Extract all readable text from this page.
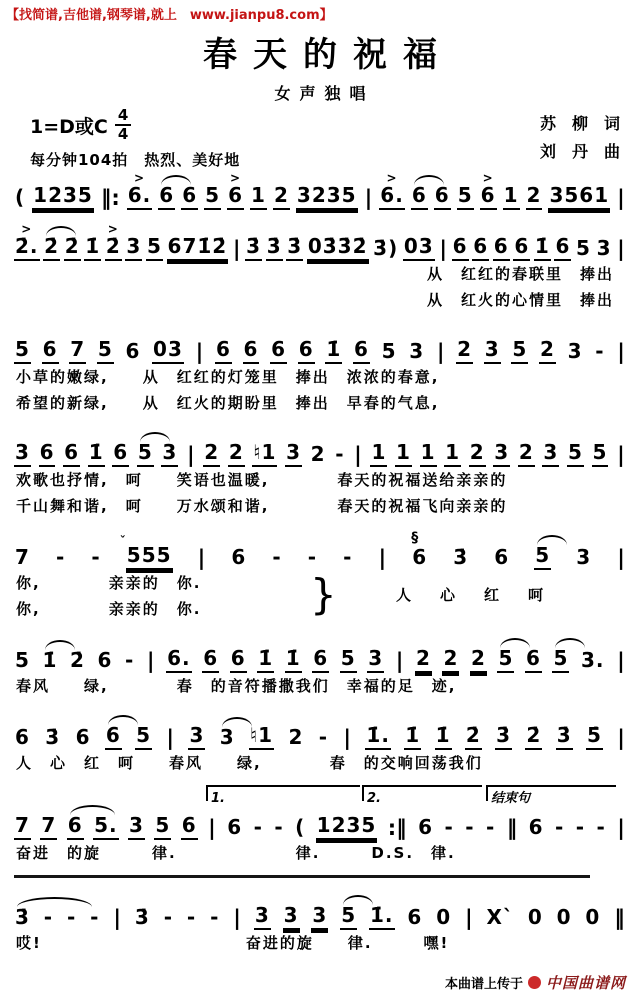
【找简谱,吉他谱,钢琴谱,就上　www.jianpu8.com】
春天的祝福
女声独唱
1=D或C $\frac{4}{4}$
每分钟104拍　热烈、美好地
苏　柳　词
刘　丹　曲
( 1235 ‖: 6.
>
6 6 5 6
>
1 2 3235 | 6.
>
6 6 5 6
>
1 2 3561 |
2̇.
>
2̇ 2̇ 1̇ 2̇
>
3 5 671̇2̇ | 3̇ 3̇ 3̇ 03̇3̇2̇ 3̇) 03 | 6 6 6 6 1̇ 6 5 3 |
从　红红的春联里　捧出
从　红火的心情里　捧出
5 6 7 5 6 03 | 6 6 6 6 1̇ 6 5 3 | 2 3 5 2 3 - |
小草的嫩绿,　　从　红红的灯笼里　捧出　浓浓的春意,
希望的新绿,　　从　红火的期盼里　捧出　早春的气息,
3 6 6 1̇ 6 5 3 | 2 2 ♮1 3 2 - | 1 1 1 1 2 3 2 3 5 5 |
欢歌也抒情,　呵　　笑语也温暖,　　　　春天的祝福送给亲亲的
千山舞和谐,　呵　　万水颂和谐,　　　　春天的祝福飞向亲亲的
7 - - 555
ˇ
| 6 - - - | 6
§
3̇ 6 5 3 |
}
你,　　　　亲亲的　你.
你,　　　　亲亲的　你.
人　心　红　呵
5 1̇ 2̇ 6 - | 6. 6 6 1̇ 1̇ 6 5 3 | 2 2 2 5 6 5 3. |
春风　　绿,　　　　春　的音符播撒我们　幸福的足　迹,
6 3̇ 6 6 5 | 3 3 ♮1 2 - | 1̇. 1̇ 1̇ 2̇ 3̇ 2̇ 3̇ 5̇ |
人　心　红　呵　　春风　　绿,　　　　春　的交响回荡我们
1.	2.	结束句
7 7 6 5. 3 5 6 | 6 - - ( 1235 :‖ 6 - - - ‖ 6 - - - |
奋进　的旋　　　律.　　　　　　　律.　　　D.S.　律.
3̇ - - - | 3̇ - - - | 3 3 3 5 1̇. 6 0 | X` 0 0 0 ‖
哎!　　　　　　　　　　　　奋进的旋　　律.　　　嘿!
本曲谱上传于 中国曲谱网
